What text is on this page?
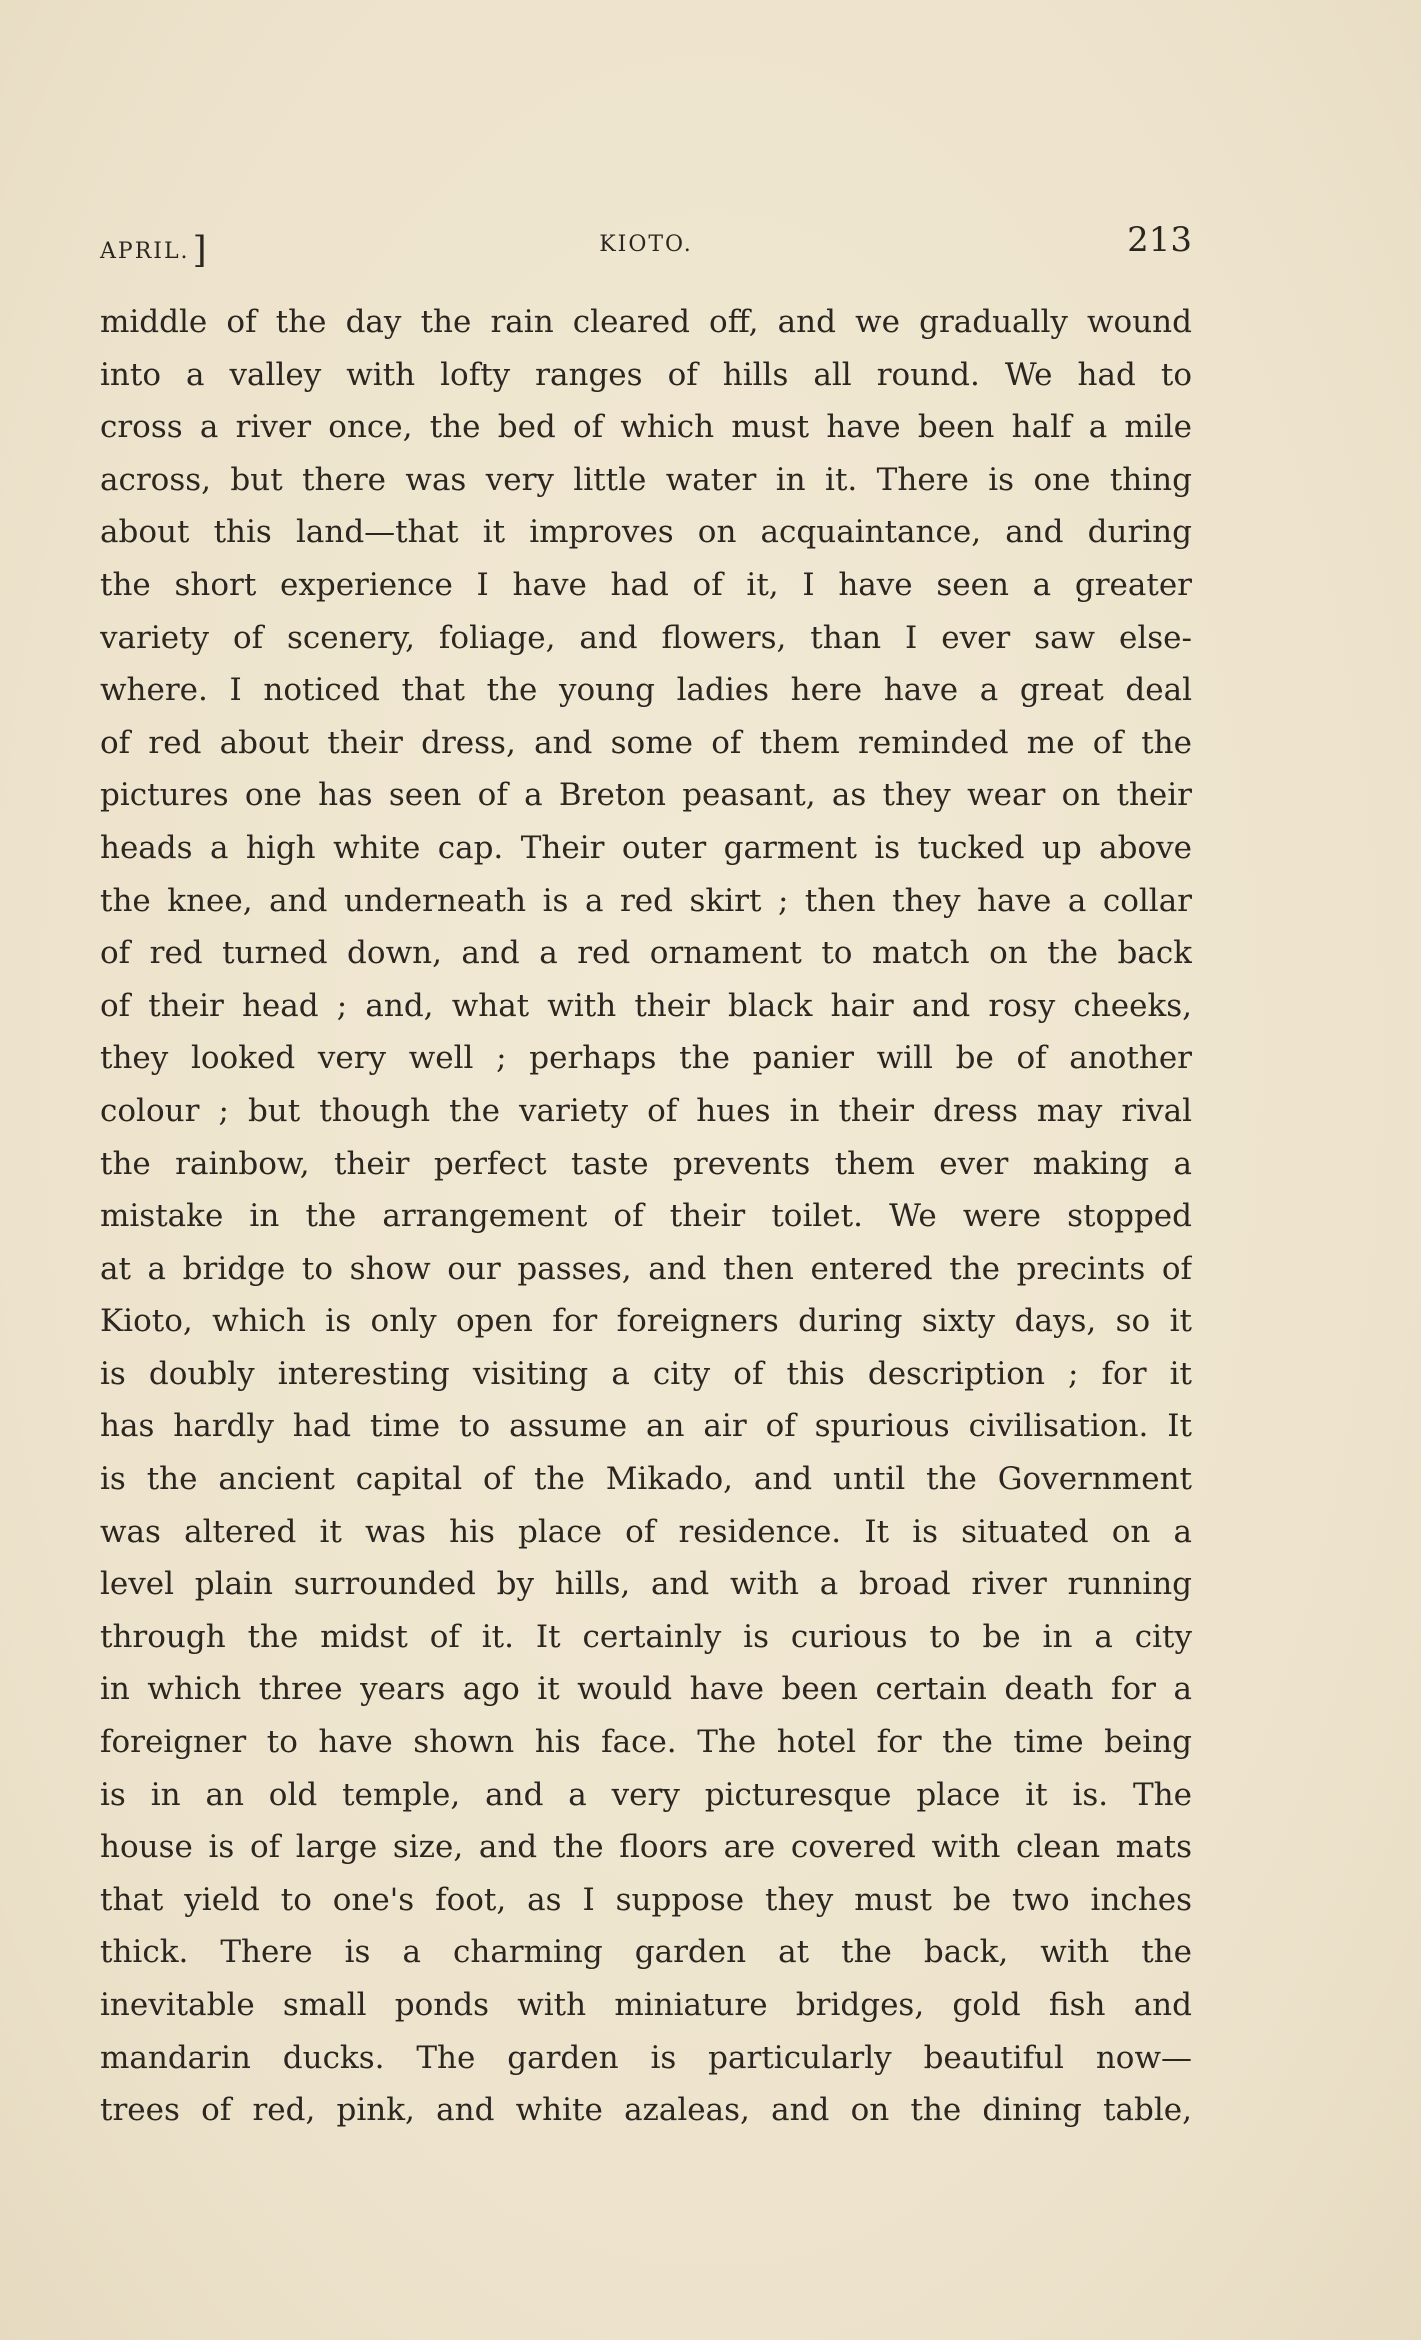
APRIL.]	KIOTO.	213
middle of the day the rain cleared off, and we gradually wound
into a valley with lofty ranges of hills all round. We had to
cross a river once, the bed of which must have been half a mile
across, but there was very little water in it. There is one thing
about this land—that it improves on acquaintance, and during
the short experience I have had of it, I have seen a greater
variety of scenery, foliage, and flowers, than I ever saw else-
where. I noticed that the young ladies here have a great deal
of red about their dress, and some of them reminded me of the
pictures one has seen of a Breton peasant, as they wear on their
heads a high white cap. Their outer garment is tucked up above
the knee, and underneath is a red skirt ; then they have a collar
of red turned down, and a red ornament to match on the back
of their head ; and, what with their black hair and rosy cheeks,
they looked very well ; perhaps the panier will be of another
colour ; but though the variety of hues in their dress may rival
the rainbow, their perfect taste prevents them ever making a
mistake in the arrangement of their toilet. We were stopped
at a bridge to show our passes, and then entered the precints of
Kioto, which is only open for foreigners during sixty days, so it
is doubly interesting visiting a city of this description ; for it
has hardly had time to assume an air of spurious civilisation. It
is the ancient capital of the Mikado, and until the Government
was altered it was his place of residence. It is situated on a
level plain surrounded by hills, and with a broad river running
through the midst of it. It certainly is curious to be in a city
in which three years ago it would have been certain death for a
foreigner to have shown his face. The hotel for the time being
is in an old temple, and a very picturesque place it is. The
house is of large size, and the floors are covered with clean mats
that yield to one's foot, as I suppose they must be two inches
thick. There is a charming garden at the back, with the
inevitable small ponds with miniature bridges, gold fish and
mandarin ducks. The garden is particularly beautiful now—
trees of red, pink, and white azaleas, and on the dining table,
